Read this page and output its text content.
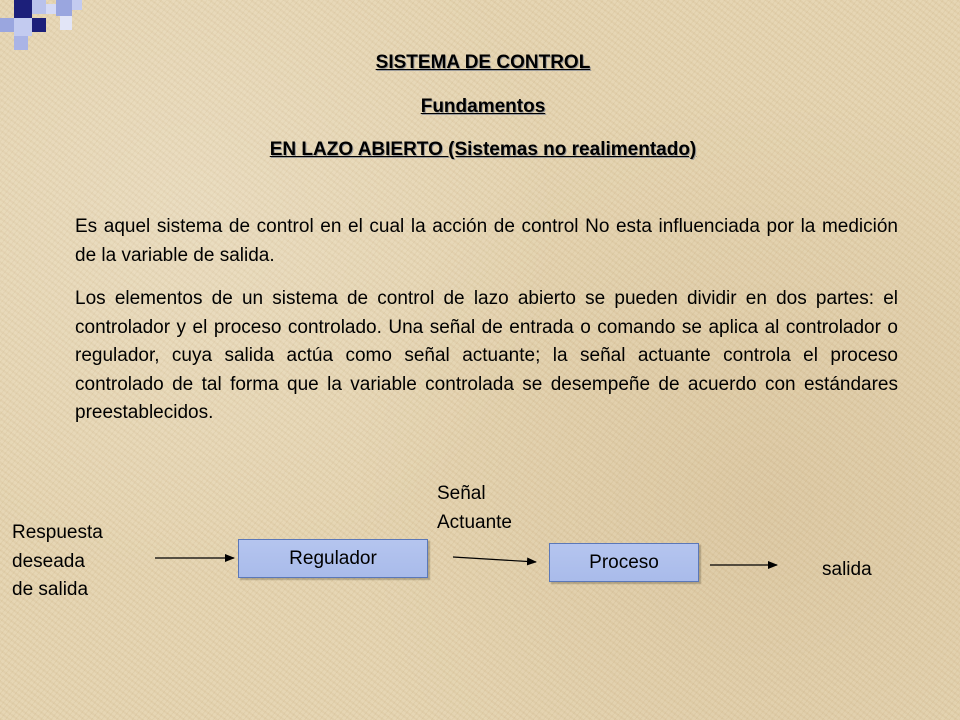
SISTEMA DE CONTROL
Fundamentos
EN LAZO ABIERTO (Sistemas no realimentado)
Es aquel sistema de control en el cual la acción de control No esta influenciada por la medición de la variable de salida.
Los elementos de un sistema de control de lazo abierto se pueden dividir en dos partes: el controlador y el proceso controlado. Una señal de entrada o comando se aplica al controlador o regulador, cuya salida actúa como señal actuante; la señal actuante controla el proceso controlado de tal forma que la variable controlada se desempeñe de acuerdo con estándares preestablecidos.
Respuesta
deseada
de salida
Señal
Actuante
salida
Regulador	Proceso
